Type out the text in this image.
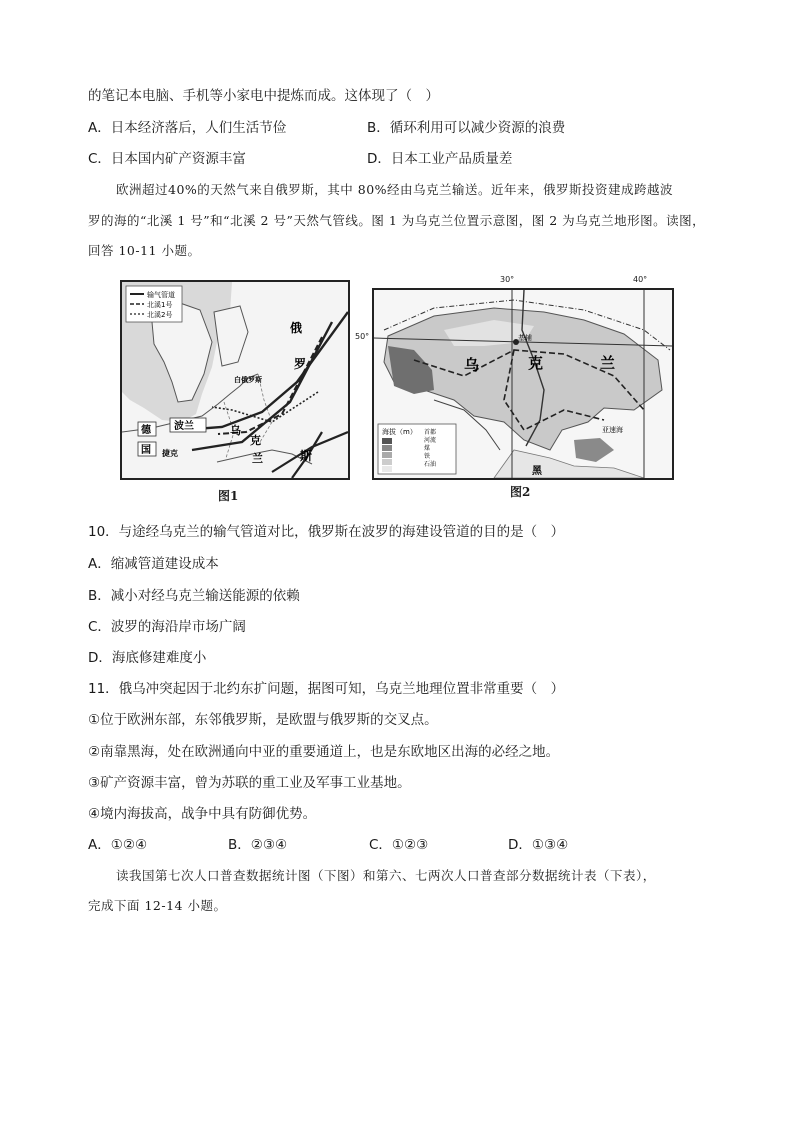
的笔记本电脑、手机等小家电中提炼而成。这体现了（　）
A．日本经济落后，人们生活节俭	B．循环利用可以减少资源的浪费
C．日本国内矿产资源丰富	D．日本工业产品质量差
欧洲超过40%的天然气来自俄罗斯，其中 80%经由乌克兰输送。近年来，俄罗斯投资建成跨越波
罗的海的“北溪 1 号”和“北溪 2 号”天然气管线。图 1 为乌克兰位置示意图，图 2 为乌克兰地形图。读图，
回答 10-11 小题。
输气管道
北溪1号
北溪2号
俄
罗
斯
白俄罗斯
波兰	乌
克
兰
德
国 捷克
图1
海拔（m） 首都
河流
煤
铁
石油
乌	克	兰
基辅
亚速海
黑
30°	40°
50°
图2
10．与途经乌克兰的输气管道对比，俄罗斯在波罗的海建设管道的目的是（　）
A．缩减管道建设成本
B．减小对经乌克兰输送能源的依赖
C．波罗的海沿岸市场广阔
D．海底修建难度小
11．俄乌冲突起因于北约东扩问题，据图可知，乌克兰地理位置非常重要（　）
①位于欧洲东部，东邻俄罗斯，是欧盟与俄罗斯的交叉点。
②南靠黑海，处在欧洲通向中亚的重要通道上，也是东欧地区出海的必经之地。
③矿产资源丰富，曾为苏联的重工业及军事工业基地。
④境内海拔高，战争中具有防御优势。
A．①②④	B．②③④	C．①②③	D．①③④
读我国第七次人口普查数据统计图（下图）和第六、七两次人口普查部分数据统计表（下表），
完成下面 12-14 小题。
